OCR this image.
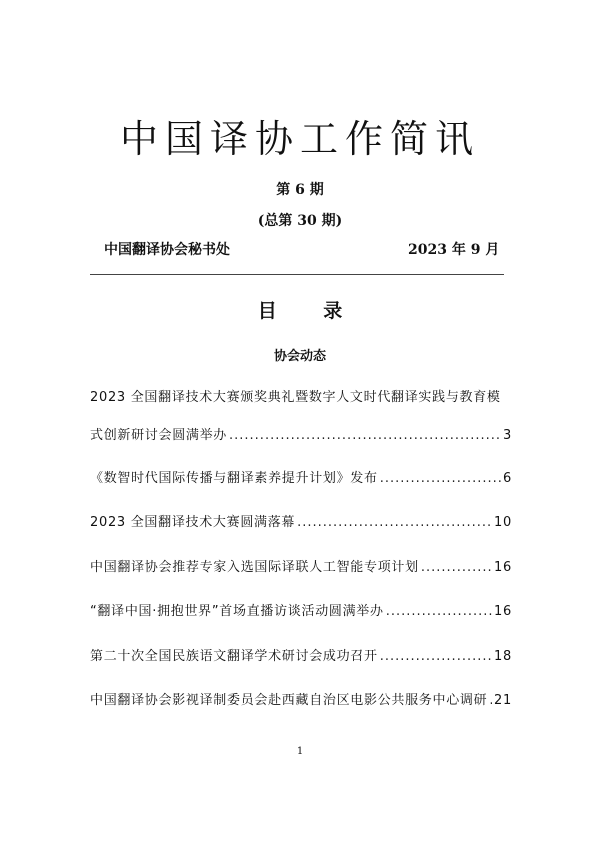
中国译协工作简讯
第 6 期
(总第 30 期)
中国翻译协会秘书处	2023 年 9 月
目 录
协会动态
2023 全国翻译技术大赛颁奖典礼暨数字人文时代翻译实践与教育模
式创新研讨会圆满举办 .....	3
《数智时代国际传播与翻译素养提升计划》发布 .....	6
2023 全国翻译技术大赛圆满落幕 .....	10
中国翻译协会推荐专家入选国际译联人工智能专项计划 .....	16
“翻译中国·拥抱世界”首场直播访谈活动圆满举办 .....	16
第二十次全国民族语文翻译学术研讨会成功召开 .....	18
中国翻译协会影视译制委员会赴西藏自治区电影公共服务中心调研 ..... 21
1
